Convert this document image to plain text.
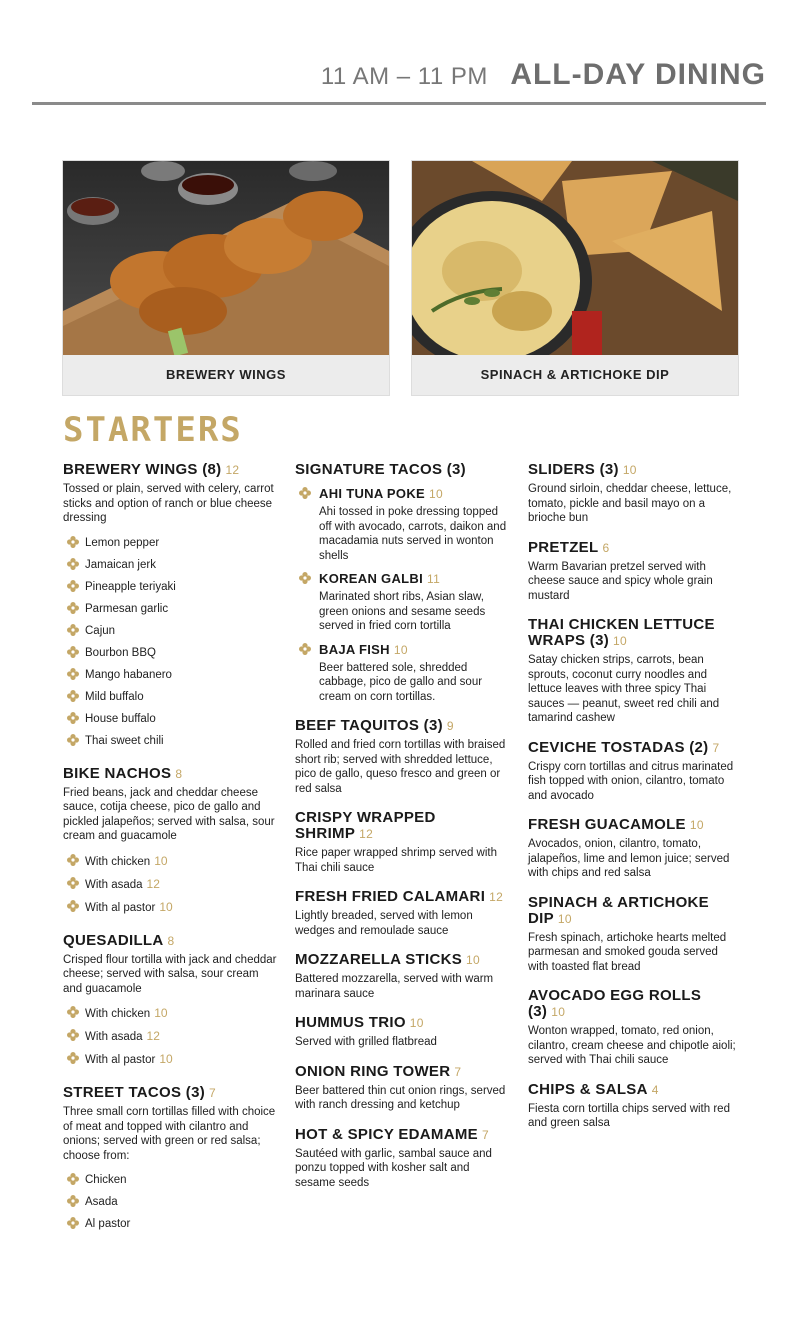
11 AM – 11 PM ALL-DAY DINING
BREWERY WINGS	SPINACH & ARTICHOKE DIP
STARTERS
BREWERY WINGS (8) 12
Tossed or plain, served with celery, carrot sticks and option of ranch or blue cheese dressing
Lemon pepper
Jamaican jerk
Pineapple teriyaki
Parmesan garlic
Cajun
Bourbon BBQ
Mango habanero
Mild buffalo
House buffalo
Thai sweet chili
BIKE NACHOS 8
Fried beans, jack and cheddar cheese sauce, cotija cheese, pico de gallo and pickled jalapeños; served with salsa, sour cream and guacamole
With chicken 10
With asada 12
With al pastor 10
QUESADILLA 8
Crisped flour tortilla with jack and cheddar cheese; served with salsa, sour cream and guacamole
With chicken 10
With asada 12
With al pastor 10
STREET TACOS (3) 7
Three small corn tortillas filled with choice of meat and topped with cilantro and onions; served with green or red salsa; choose from:
Chicken
Asada
Al pastor
SIGNATURE TACOS (3)
AHI TUNA POKE 10
Ahi tossed in poke dressing topped off with avocado, carrots, daikon and macadamia nuts served in wonton shells
KOREAN GALBI 11
Marinated short ribs, Asian slaw, green onions and sesame seeds served in fried corn tortilla
BAJA FISH 10
Beer battered sole, shredded cabbage, pico de gallo and sour cream on corn tortillas.
BEEF TAQUITOS (3) 9
Rolled and fried corn tortillas with braised short rib; served with shredded lettuce, pico de gallo, queso fresco and green or red salsa
CRISPY WRAPPED SHRIMP 12
Rice paper wrapped shrimp served with Thai chili sauce
FRESH FRIED CALAMARI 12
Lightly breaded, served with lemon wedges and remoulade sauce
MOZZARELLA STICKS 10
Battered mozzarella, served with warm marinara sauce
HUMMUS TRIO 10
Served with grilled flatbread
ONION RING TOWER 7
Beer battered thin cut onion rings, served with ranch dressing and ketchup
HOT & SPICY EDAMAME 7
Sautéed with garlic, sambal sauce and ponzu topped with kosher salt and sesame seeds
SLIDERS (3) 10
Ground sirloin, cheddar cheese, lettuce, tomato, pickle and basil mayo on a brioche bun
PRETZEL 6
Warm Bavarian pretzel served with cheese sauce and spicy whole grain mustard
THAI CHICKEN LETTUCE WRAPS (3) 10
Satay chicken strips, carrots, bean sprouts, coconut curry noodles and lettuce leaves with three spicy Thai sauces — peanut, sweet red chili and tamarind cashew
CEVICHE TOSTADAS (2) 7
Crispy corn tortillas and citrus marinated fish topped with onion, cilantro, tomato and avocado
FRESH GUACAMOLE 10
Avocados, onion, cilantro, tomato, jalapeños, lime and lemon juice; served with chips and red salsa
SPINACH & ARTICHOKE DIP 10
Fresh spinach, artichoke hearts melted parmesan and smoked gouda served with toasted flat bread
AVOCADO EGG ROLLS (3) 10
Wonton wrapped, tomato, red onion, cilantro, cream cheese and chipotle aioli; served with Thai chili sauce
CHIPS & SALSA 4
Fiesta corn tortilla chips served with red and green salsa
